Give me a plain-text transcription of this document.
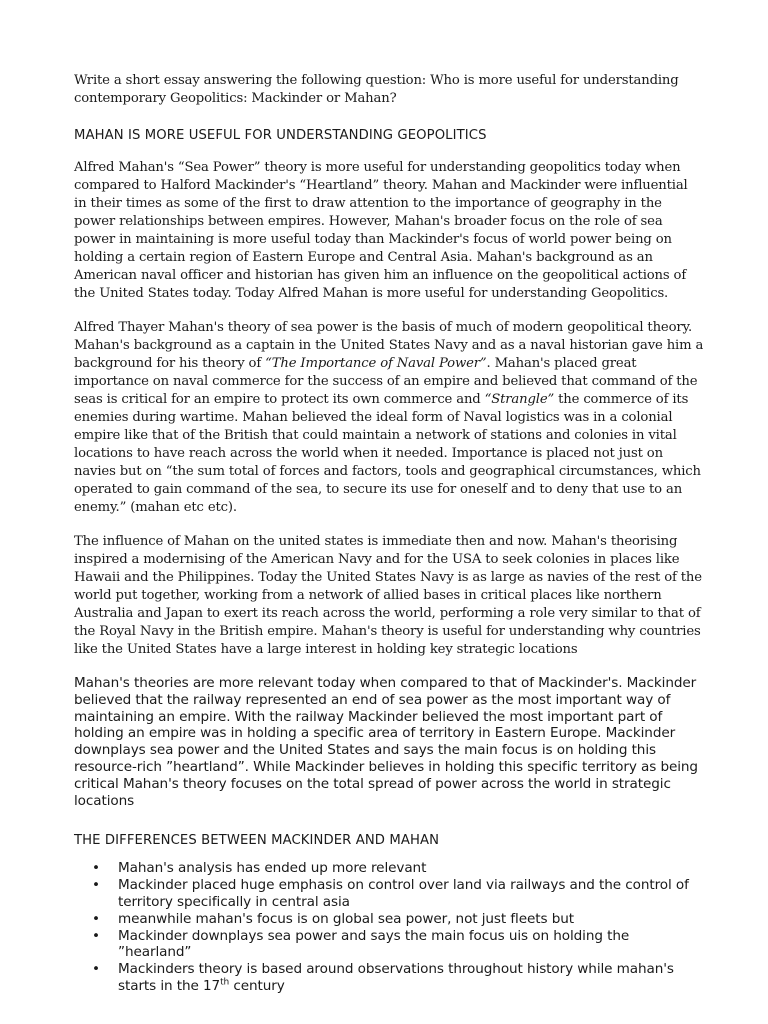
Write a short essay answering the following question: Who is more useful for understanding contemporary Geopolitics: Mackinder or Mahan?

MAHAN IS MORE USEFUL FOR UNDERSTANDING GEOPOLITICS

Alfred Mahan's “Sea Power” theory is more useful for understanding geopolitics today when compared to Halford Mackinder's “Heartland” theory. Mahan and Mackinder were influential in their times as some of the first to draw attention to the importance of geography in the power relationships between empires. However, Mahan's broader focus on the role of sea power in maintaining is more useful today than Mackinder's focus of world power being on holding a certain region of Eastern Europe and Central Asia. Mahan's background as an American naval officer and historian has given him an influence on the geopolitical actions of the United States today. Today Alfred Mahan is more useful for understanding Geopolitics.

Alfred Thayer Mahan's theory of sea power is the basis of much of modern geopolitical theory. Mahan's background as a captain in the United States Navy and as a naval historian gave him a background for his theory of “The Importance of Naval Power”. Mahan's placed great importance on naval commerce for the success of an empire and believed that command of the seas is critical for an empire to protect its own commerce and “Strangle” the commerce of its enemies during wartime. Mahan believed the ideal form of Naval logistics was in a colonial empire like that of the British that could maintain a network of stations and colonies in vital locations to have reach across the world when it needed. Importance is placed not just on navies but on “the sum total of forces and factors, tools and geographical circumstances, which operated to gain command of the sea, to secure its use for oneself and to deny that use to an enemy.” (mahan etc etc).

The influence of Mahan on the united states is immediate then and now. Mahan's theorising inspired a modernising of the American Navy and for the USA to seek colonies in places like Hawaii and the Philippines. Today the United States Navy is as large as navies of the rest of the world put together, working from a network of allied bases in critical places like northern Australia and Japan to exert its reach across the world, performing a role very similar to that of the Royal Navy in the British empire. Mahan's theory is useful for understanding why countries like the United States have a large interest in holding key strategic locations

Mahan's theories are more relevant today when compared to that of Mackinder's. Mackinder believed that the railway represented an end of sea power as the most important way of maintaining an empire. With the railway Mackinder believed the most important part of holding an empire was in holding a specific area of territory in Eastern Europe. Mackinder downplays sea power and the United States and says the main focus is on holding this resource-rich ”heartland”. While Mackinder believes in holding this specific territory as being critical Mahan's theory focuses on the total spread of power across the world in strategic locations

THE DIFFERENCES BETWEEN MACKINDER AND MAHAN

• Mahan's analysis has ended up more relevant
• Mackinder placed huge emphasis on control over land via railways and the control of territory specifically in central asia
• meanwhile mahan's focus is on global sea power, not just fleets but
• Mackinder downplays sea power and says the main focus uis on holding the ”hearland”
• Mackinders theory is based around observations throughout history while mahan's starts in the 17th century
